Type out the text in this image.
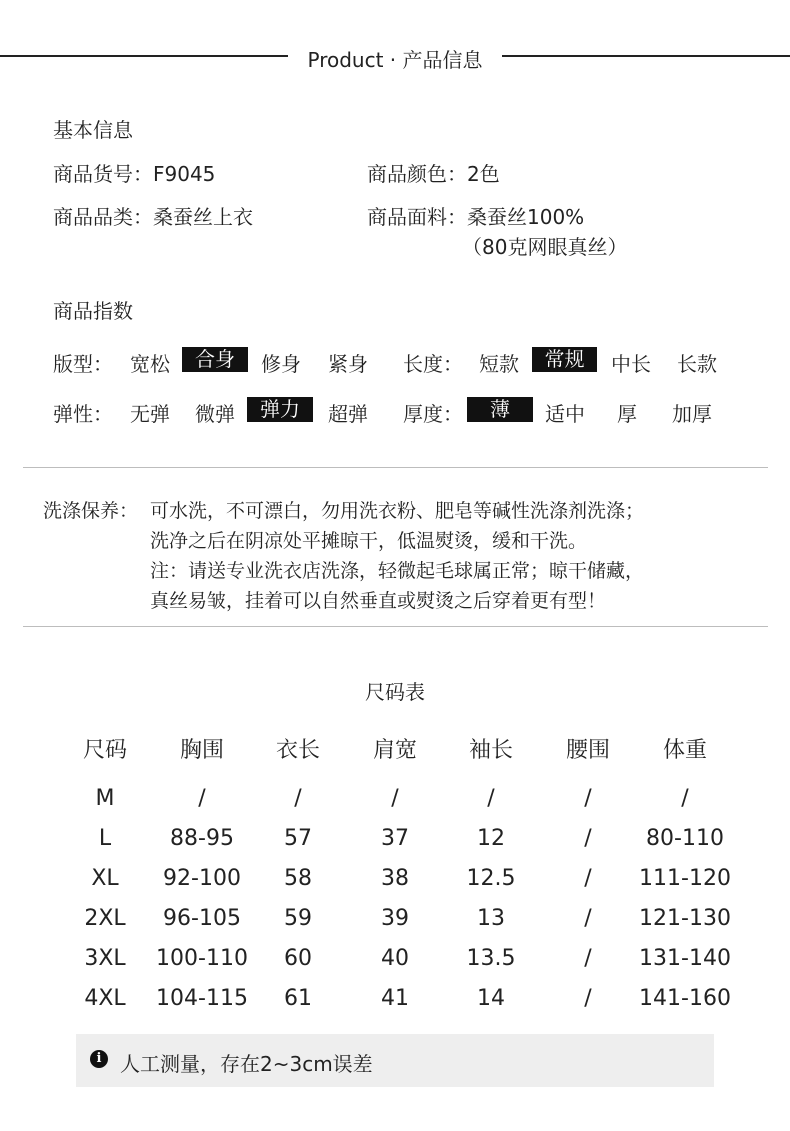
Product · 产品信息
基本信息
商品货号：F9045	商品颜色：2色
商品品类：桑蚕丝上衣	商品面料：桑蚕丝100%
（80克网眼真丝）
商品指数
版型： 宽松	合身	修身 紧身 长度： 短款	常规	中长 长款
弹性： 无弹 微弹	弹力	超弹 厚度：	薄	适中 厚 加厚
洗涤保养： 可水洗，不可漂白，勿用洗衣粉、肥皂等碱性洗涤剂洗涤；
洗净之后在阴凉处平摊晾干，低温熨烫，缓和干洗。
注：请送专业洗衣店洗涤，轻微起毛球属正常；晾干储藏，
真丝易皱，挂着可以自然垂直或熨烫之后穿着更有型！
尺码表
尺码	胸围	衣长	肩宽	袖长	腰围	体重
M	/	/	/	/	/	/
L	88-95	57	37	12	/	80-110
XL	92-100	58	38	12.5	/	111-120
2XL	96-105	59	39	13	/	121-130
3XL	100-110	60	40	13.5	/	131-140
4XL	104-115	61	41	14	/	141-160
i 人工测量，存在2~3cm误差
